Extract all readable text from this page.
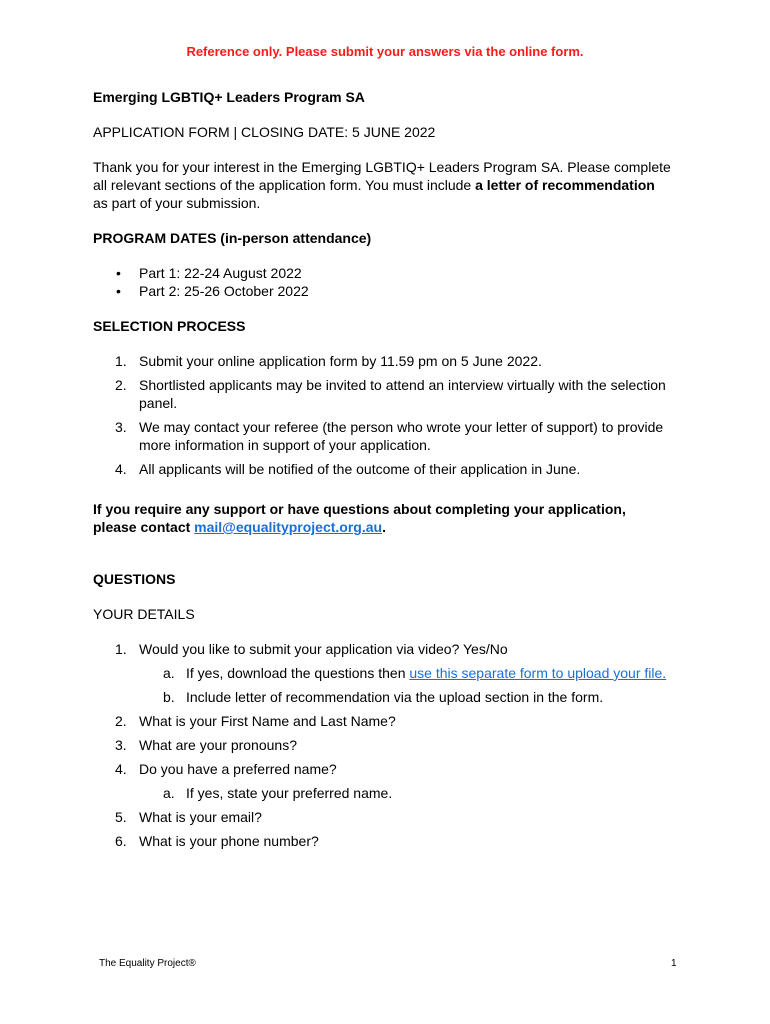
Reference only. Please submit your answers via the online form.

Emerging LGBTIQ+ Leaders Program SA

APPLICATION FORM | CLOSING DATE: 5 JUNE 2022

Thank you for your interest in the Emerging LGBTIQ+ Leaders Program SA. Please complete all relevant sections of the application form. You must include a letter of recommendation as part of your submission.

PROGRAM DATES (in-person attendance)

• Part 1: 22-24 August 2022
• Part 2: 25-26 October 2022

SELECTION PROCESS

1. Submit your online application form by 11.59 pm on 5 June 2022.
2. Shortlisted applicants may be invited to attend an interview virtually with the selection panel.
3. We may contact your referee (the person who wrote your letter of support) to provide more information in support of your application.
4. All applicants will be notified of the outcome of their application in June.

If you require any support or have questions about completing your application, please contact mail@equalityproject.org.au.

QUESTIONS

YOUR DETAILS

1. Would you like to submit your application via video? Yes/No
a. If yes, download the questions then use this separate form to upload your file.
b. Include letter of recommendation via the upload section in the form.
2. What is your First Name and Last Name?
3. What are your pronouns?
4. Do you have a preferred name?
a. If yes, state your preferred name.
5. What is your email?
6. What is your phone number?
The Equality Project®	1
